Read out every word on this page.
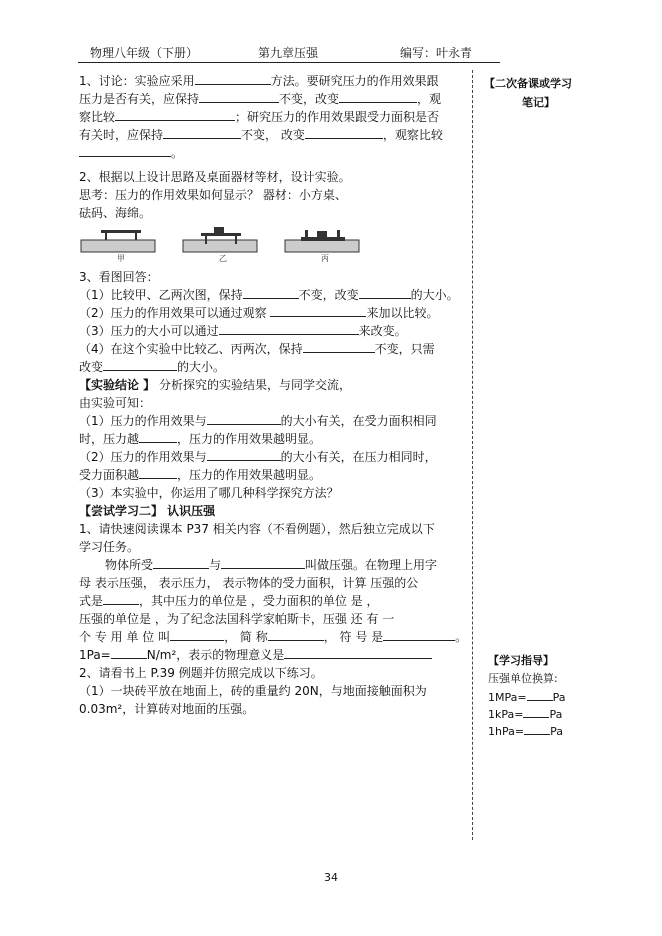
物理八年级（下册）	第九章压强	编写：叶永青
【二次备课或学习
笔记】
【学习指导】
压强单位换算:
1MPa= Pa
1kPa= Pa
1hPa= Pa

1、讨论：实验应采用	方法。要研究压力的作用效果跟

压力是否有关，应保持	不变，改变	，观

察比较	；研究压力的作用效果跟受力面积是否

有关时，应保持	不变， 改变	，观察比较

。

2、根据以上设计思路及桌面器材等材，设计实验。

思考：压力的作用效果如何显示？ 器材：小方桌、

砝码、海绵。

甲	乙	丙

3、看图回答：

（1）比较甲、乙两次图，保持	不变，改变	的大小。

（2）压力的作用效果可以通过观察	来加以比较。

（3）压力的大小可以通过	来改变。

（4）在这个实验中比较乙、丙两次，保持	不变，只需

改变	的大小。

【实验结论 】 分析探究的实验结果，与同学交流，

由实验可知：

（1）压力的作用效果与	的大小有关，在受力面积相同

时，压力越	，压力的作用效果越明显。

（2）压力的作用效果与	的大小有关，在压力相同时，

受力面积越	，压力的作用效果越明显。

（3）本实验中，你运用了哪几种科学探究方法？

【尝试学习二】 认识压强

1、请快速阅读课本 P37 相关内容（不看例题），然后独立完成以下

学习任务。

物体所受	与	叫做压强。在物理上用字

母 表示压强， 表示压力， 表示物体的受力面积，计算 压强的公

式是	，其中压力的单位是 ，受力面积的单位 是 ，

压强的单位是 ，为了纪念法国科学家帕斯卡，压强 还 有 一

个 专 用 单 位 叫	， 简 称	， 符 号 是	。

1Pa=	N/m²，表示的物理意义是

2、请看书上 P.39 例题并仿照完成以下练习。

（1）一块砖平放在地面上，砖的重量约 20N，与地面接触面积为

0.03m²，计算砖对地面的压强。

34
